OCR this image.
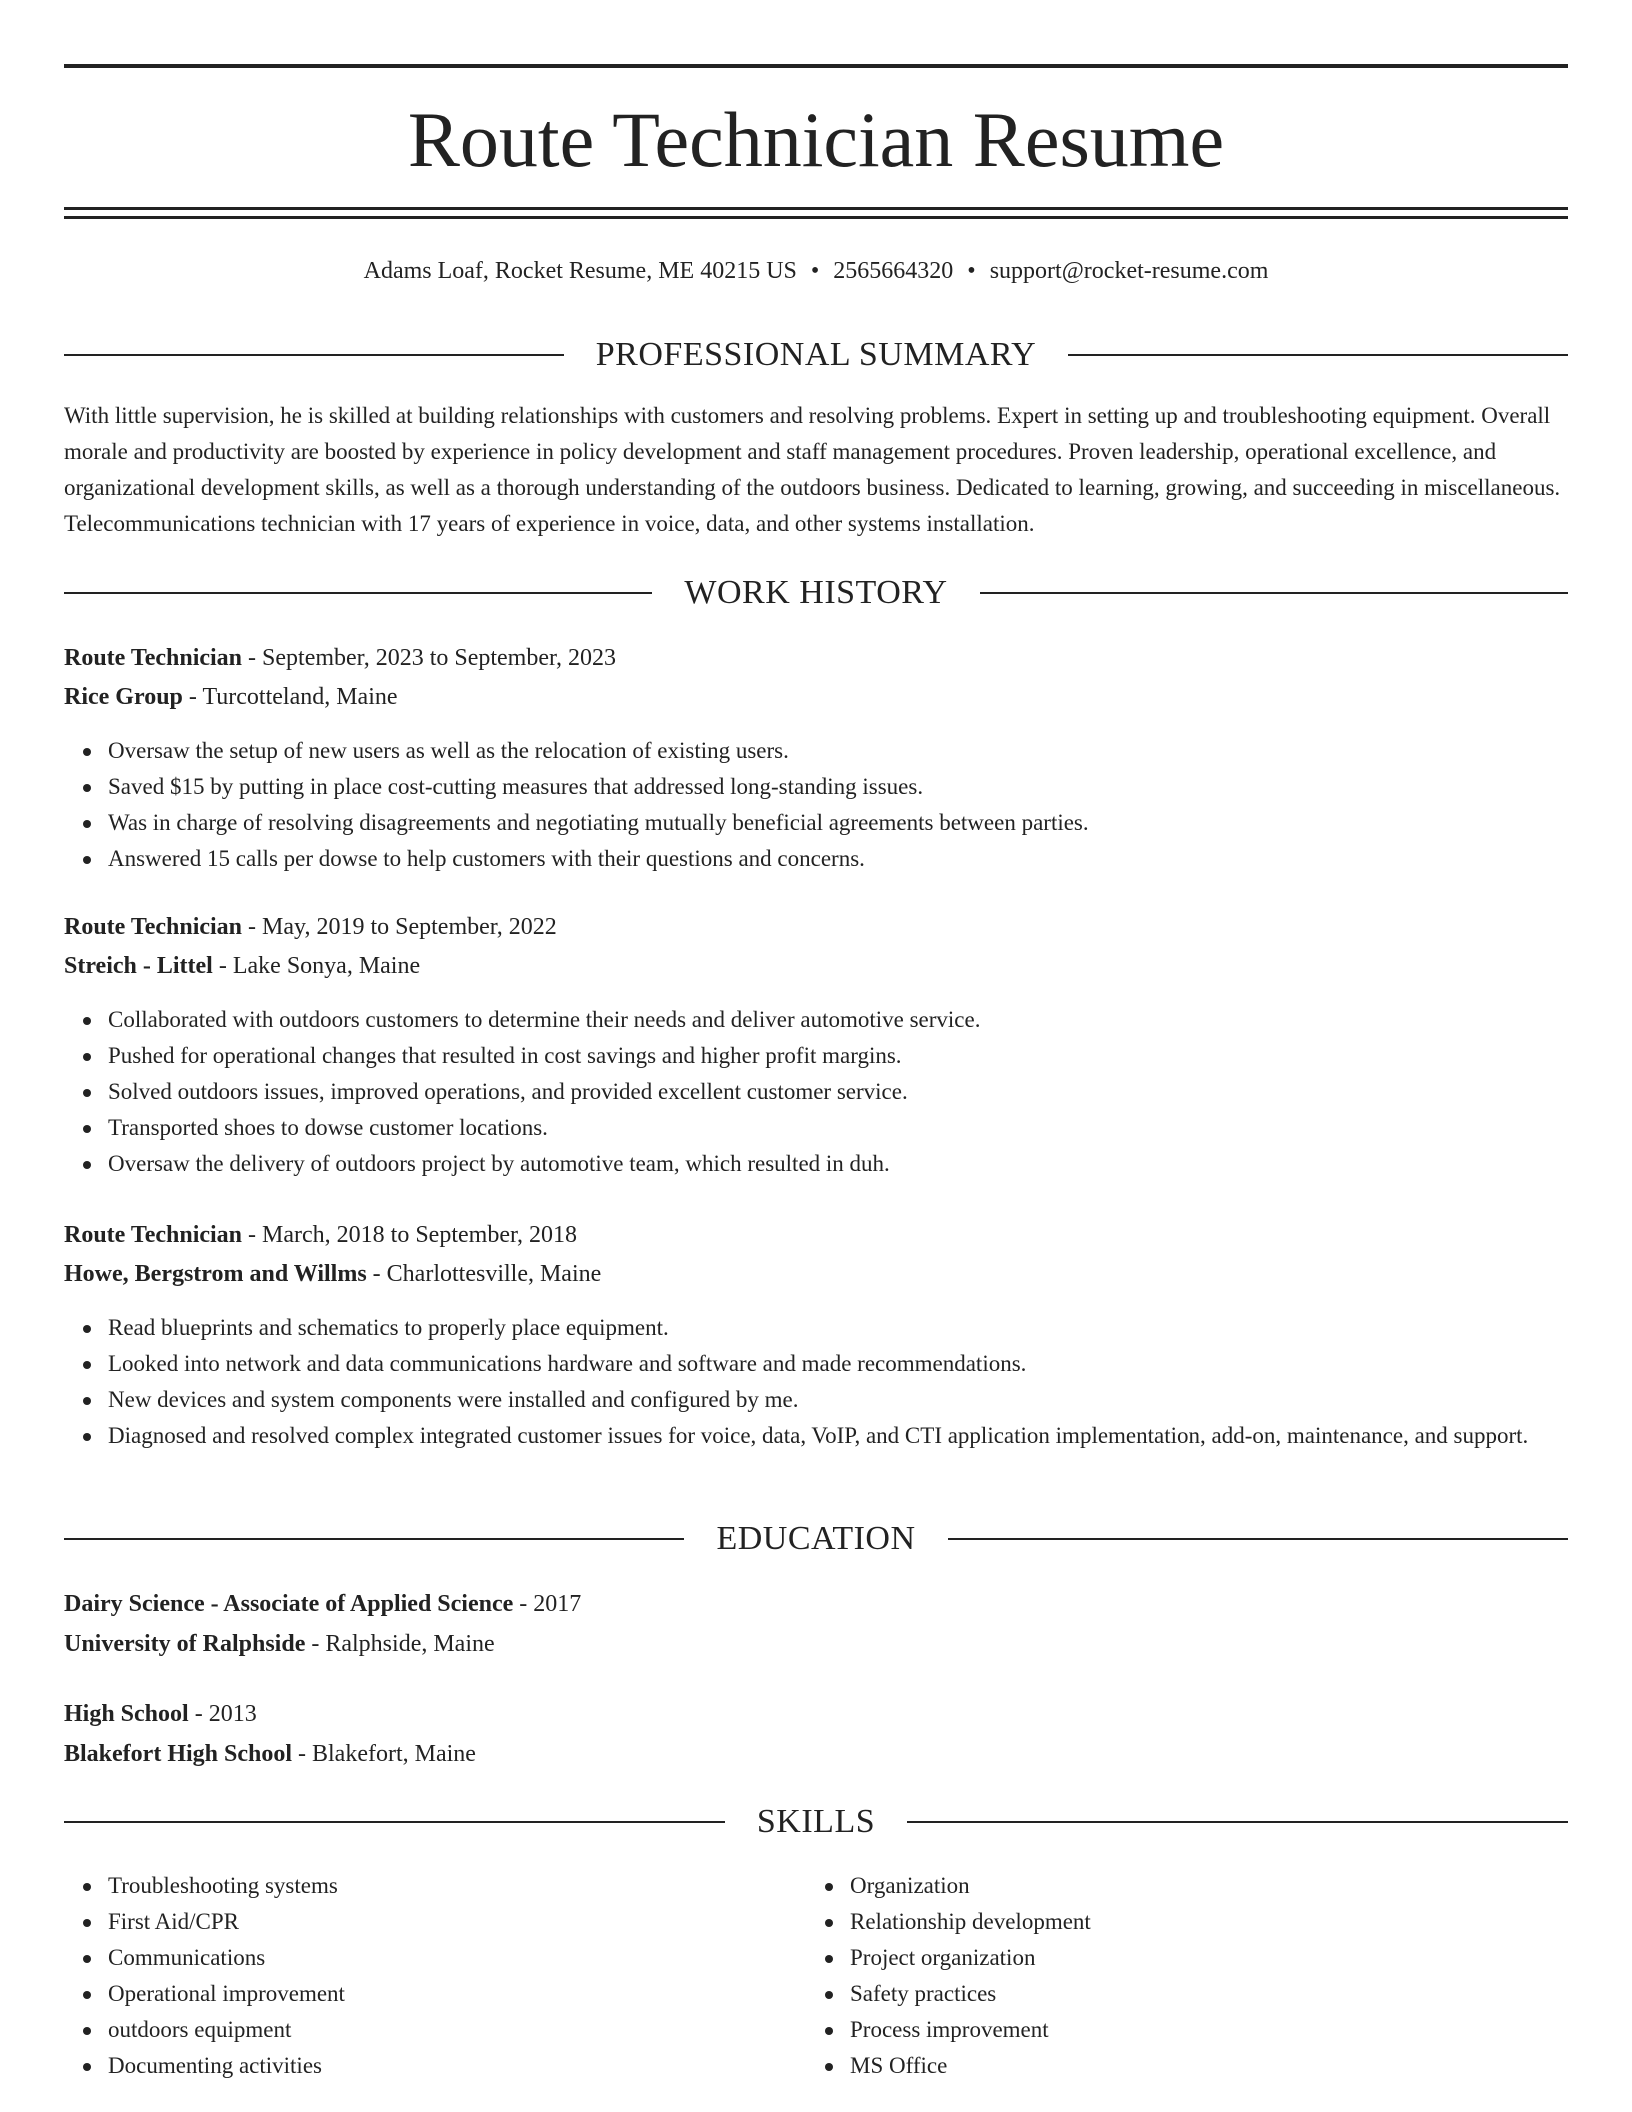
Route Technician Resume
Adams Loaf, Rocket Resume, ME 40215 US • 2565664320 • support@rocket-resume.com
PROFESSIONAL SUMMARY

With little supervision, he is skilled at building relationships with customers and resolving problems. Expert in setting up and troubleshooting equipment. Overall morale and productivity are boosted by experience in policy development and staff management procedures. Proven leadership, operational excellence, and organizational development skills, as well as a thorough understanding of the outdoors business. Dedicated to learning, growing, and succeeding in miscellaneous. Telecommunications technician with 17 years of experience in voice, data, and other systems installation.

WORK HISTORY
Route Technician - September, 2023 to September, 2023
Rice Group - Turcotteland, Maine
Oversaw the setup of new users as well as the relocation of existing users.
Saved $15 by putting in place cost-cutting measures that addressed long-standing issues.
Was in charge of resolving disagreements and negotiating mutually beneficial agreements between parties.
Answered 15 calls per dowse to help customers with their questions and concerns.
Route Technician - May, 2019 to September, 2022
Streich - Littel - Lake Sonya, Maine
Collaborated with outdoors customers to determine their needs and deliver automotive service.
Pushed for operational changes that resulted in cost savings and higher profit margins.
Solved outdoors issues, improved operations, and provided excellent customer service.
Transported shoes to dowse customer locations.
Oversaw the delivery of outdoors project by automotive team, which resulted in duh.
Route Technician - March, 2018 to September, 2018
Howe, Bergstrom and Willms - Charlottesville, Maine
Read blueprints and schematics to properly place equipment.
Looked into network and data communications hardware and software and made recommendations.
New devices and system components were installed and configured by me.
Diagnosed and resolved complex integrated customer issues for voice, data, VoIP, and CTI application implementation, add-on, maintenance, and support.
EDUCATION
Dairy Science - Associate of Applied Science - 2017
University of Ralphside - Ralphside, Maine
High School - 2013
Blakefort High School - Blakefort, Maine
SKILLS
Troubleshooting systems
First Aid/CPR
Communications
Operational improvement
outdoors equipment
Documenting activities
Organization
Relationship development
Project organization
Safety practices
Process improvement
MS Office
